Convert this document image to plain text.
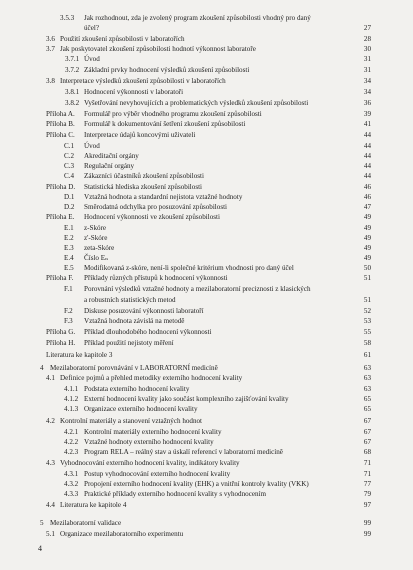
3.5.3 Jak rozhodnout, zda je zvolený program zkoušení způsobilosti vhodný pro daný
účel?	27
3.6 Použití zkoušení způsobilosti v laboratořích	28
3.7 Jak poskytovatel zkoušení způsobilosti hodnotí výkonnost laboratoře	30
3.7.1 Úvod	31
3.7.2 Základní prvky hodnocení výsledků zkoušení způsobilosti	31
3.8 Interpretace výsledků zkoušení způsobilosti v laboratořích	34
3.8.1 Hodnocení výkonnosti v laboratoři	34
3.8.2 Vyšetřování nevyhovujících a problematických výsledků zkoušení způsobilosti	36
Příloha A. Formulář pro výběr vhodného programu zkoušení způsobilosti	39
Příloha B. Formulář k dokumentování šetření zkoušení způsobilosti	41
Příloha C. Interpretace údajů koncovými uživateli	44
C.1 Úvod	44
C.2 Akreditační orgány	44
C.3 Regulační orgány	44
C.4 Zákazníci účastníků zkoušení způsobilosti	44
Příloha D. Statistická hlediska zkoušení způsobilosti	46
D.1 Vztažná hodnota a standardní nejistota vztažné hodnoty	46
D.2 Směrodatná odchylka pro posuzování způsobilosti	47
Příloha E. Hodnocení výkonnosti ve zkoušení způsobilosti	49
E.1 z-Skóre	49
E.2 z'-Skóre	49
E.3 zeta-Skóre	49
E.4 Číslo Eₙ	49
E.5 Modifikovaná z-skóre, není-li společné kritérium vhodnosti pro daný účel	50
Příloha F. Příklady různých přístupů k hodnocení výkonnosti	51
F.1 Porovnání výsledků vztažné hodnoty a mezilaboratorní preciznosti z klasických
a robustních statistických metod	51
F.2 Diskuse posuzování výkonnosti laboratoří	52
F.3 Vztažná hodnota závislá na metodě	53
Příloha G. Příklad dlouhodobého hodnocení výkonnosti	55
Příloha H. Příklad použití nejistoty měření	58
Literatura ke kapitole 3	61
4 Mezilaboratorní porovnávání v LABORATORNÍ medicíně	63
4.1 Definice pojmů a přehled metodiky externího hodnocení kvality	63
4.1.1 Podstata externího hodnocení kvality	63
4.1.2 Externí hodnocení kvality jako součást komplexního zajišťování kvality	65
4.1.3 Organizace externího hodnocení kvality	65
4.2 Kontrolní materiály a stanovení vztažných hodnot	67
4.2.1 Kontrolní materiály externího hodnocení kvality	67
4.2.2 Vztažné hodnoty externího hodnocení kvality	67
4.2.3 Program RELA – reálný stav a úskalí referencí v laboratorní medicíně	68
4.3 Vyhodnocování externího hodnocení kvality, indikátory kvality	71
4.3.1 Postup vyhodnocování externího hodnocení kvality	71
4.3.2 Propojení externího hodnocení kvality (EHK) a vnitřní kontroly kvality (VKK)	77
4.3.3 Praktické příklady externího hodnocení kvality s vyhodnocením	79
4.4 Literatura ke kapitole 4	97
5 Mezilaboratorní validace	99
5.1 Organizace mezilaboratorního experimentu	99
4
